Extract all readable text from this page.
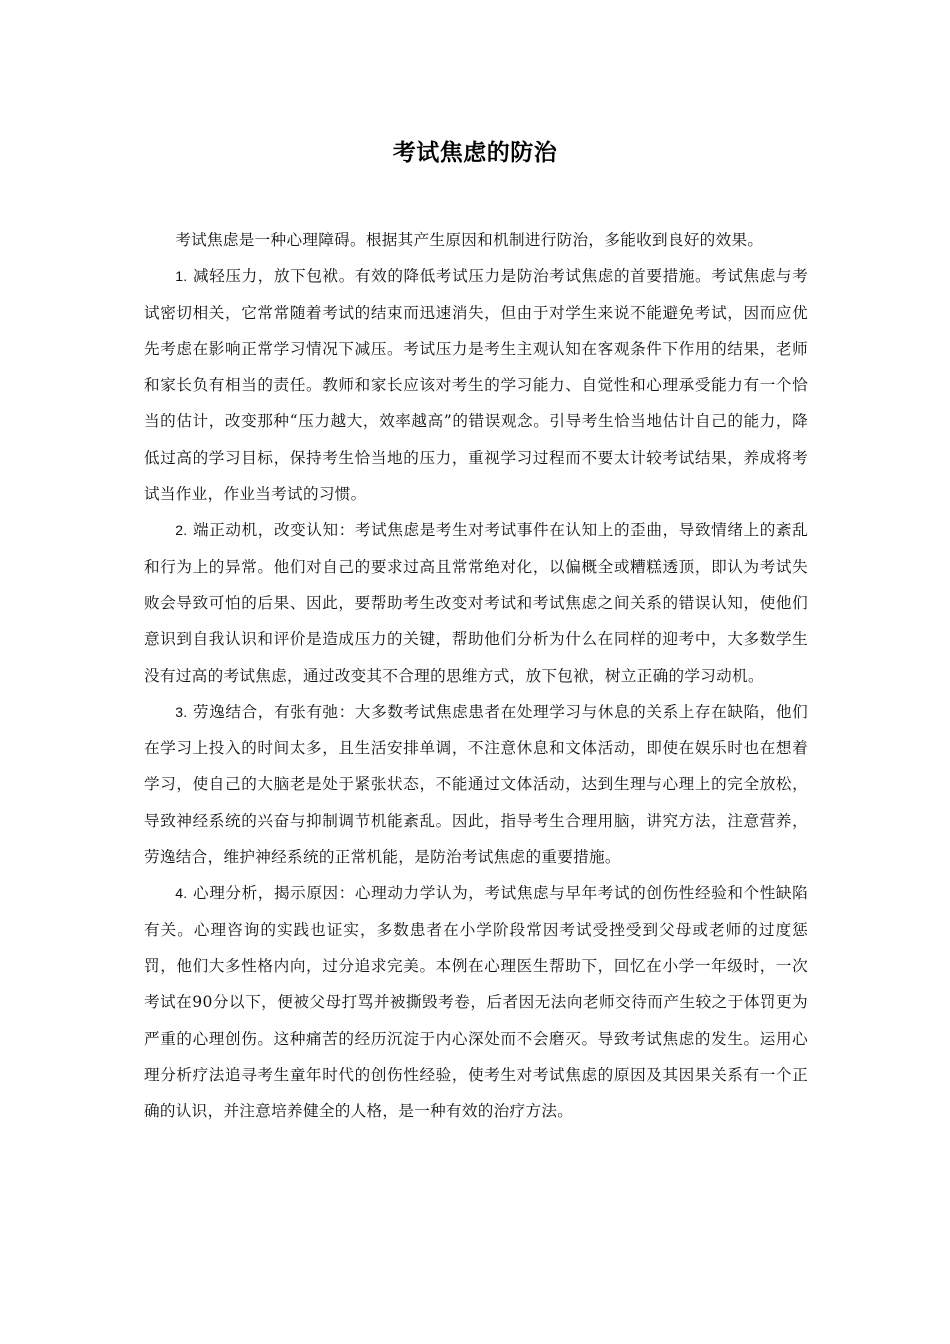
考试焦虑的防治

考试焦虑是一种心理障碍。根据其产生原因和机制进行防治，多能收到良好的效果。

1. 减轻压力，放下包袱。有效的降低考试压力是防治考试焦虑的首要措施。考试焦虑与考试密切相关，它常常随着考试的结束而迅速消失，但由于对学生来说不能避免考试，因而应优先考虑在影响正常学习情况下减压。考试压力是考生主观认知在客观条件下作用的结果，老师和家长负有相当的责任。教师和家长应该对考生的学习能力、自觉性和心理承受能力有一个恰当的估计，改变那种“压力越大，效率越高”的错误观念。引导考生恰当地估计自己的能力，降低过高的学习目标，保持考生恰当地的压力，重视学习过程而不要太计较考试结果，养成将考试当作业，作业当考试的习惯。

2. 端正动机，改变认知：考试焦虑是考生对考试事件在认知上的歪曲，导致情绪上的紊乱和行为上的异常。他们对自己的要求过高且常常绝对化，以偏概全或糟糕透顶，即认为考试失败会导致可怕的后果、因此，要帮助考生改变对考试和考试焦虑之间关系的错误认知，使他们意识到自我认识和评价是造成压力的关键，帮助他们分析为什么在同样的迎考中，大多数学生没有过高的考试焦虑，通过改变其不合理的思维方式，放下包袱，树立正确的学习动机。

3. 劳逸结合，有张有弛：大多数考试焦虑患者在处理学习与休息的关系上存在缺陷，他们在学习上投入的时间太多，且生活安排单调，不注意休息和文体活动，即使在娱乐时也在想着学习，使自己的大脑老是处于紧张状态，不能通过文体活动，达到生理与心理上的完全放松，导致神经系统的兴奋与抑制调节机能紊乱。因此，指导考生合理用脑，讲究方法，注意营养，劳逸结合，维护神经系统的正常机能，是防治考试焦虑的重要措施。

4. 心理分析，揭示原因：心理动力学认为，考试焦虑与早年考试的创伤性经验和个性缺陷有关。心理咨询的实践也证实，多数患者在小学阶段常因考试受挫受到父母或老师的过度惩罚，他们大多性格内向，过分追求完美。本例在心理医生帮助下，回忆在小学一年级时，一次考试在90分以下，便被父母打骂并被撕毁考卷，后者因无法向老师交待而产生较之于体罚更为严重的心理创伤。这种痛苦的经历沉淀于内心深处而不会磨灭。导致考试焦虑的发生。运用心理分析疗法追寻考生童年时代的创伤性经验，使考生对考试焦虑的原因及其因果关系有一个正确的认识，并注意培养健全的人格，是一种有效的治疗方法。
